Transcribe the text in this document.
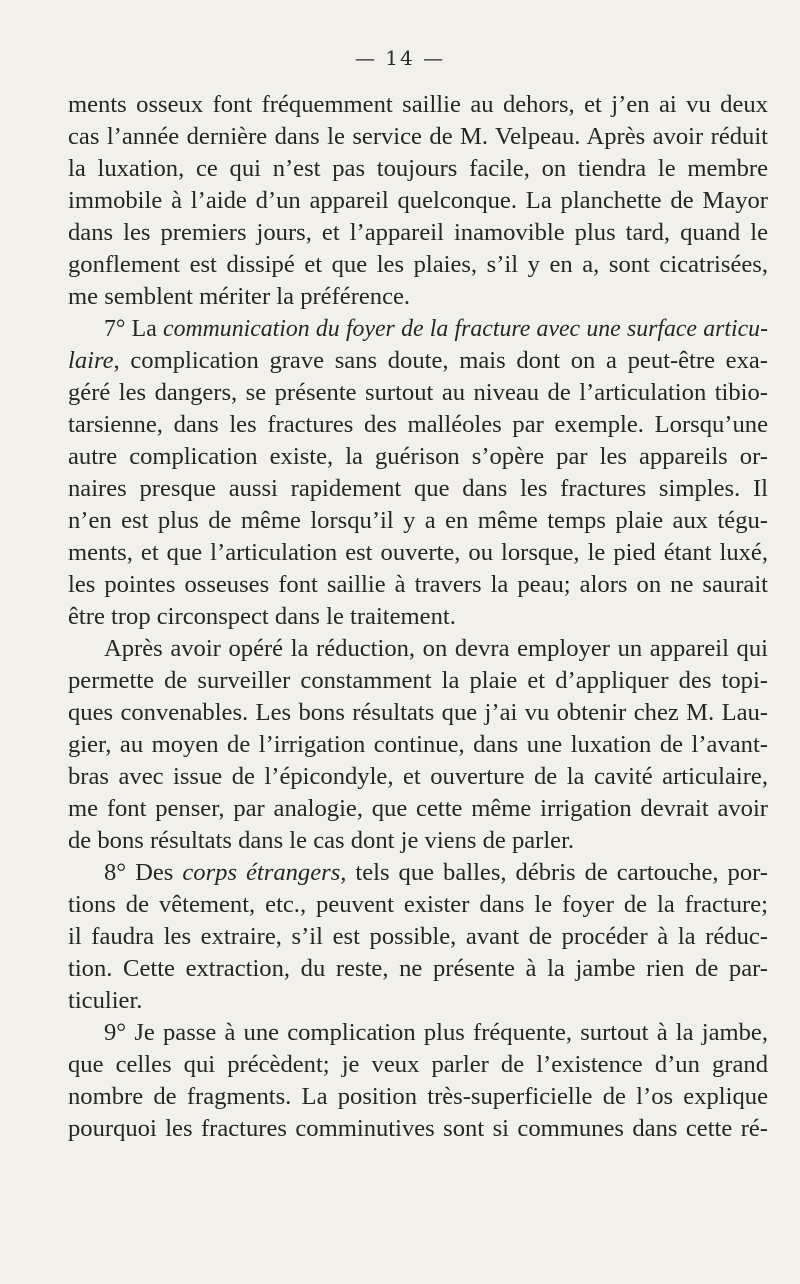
— 14 —
ments osseux font fréquemment saillie au dehors, et j’en ai vu deux
cas l’année dernière dans le service de M. Velpeau. Après avoir réduit
la luxation, ce qui n’est pas toujours facile, on tiendra le membre
immobile à l’aide d’un appareil quelconque. La planchette de Mayor
dans les premiers jours, et l’appareil inamovible plus tard, quand le
gonflement est dissipé et que les plaies, s’il y en a, sont cicatrisées,
me semblent mériter la préférence.
7° La communication du foyer de la fracture avec une surface articu-
laire, complication grave sans doute, mais dont on a peut-être exa-
géré les dangers, se présente surtout au niveau de l’articulation tibio-
tarsienne, dans les fractures des malléoles par exemple. Lorsqu’une
autre complication existe, la guérison s’opère par les appareils or-
naires presque aussi rapidement que dans les fractures simples. Il
n’en est plus de même lorsqu’il y a en même temps plaie aux tégu-
ments, et que l’articulation est ouverte, ou lorsque, le pied étant luxé,
les pointes osseuses font saillie à travers la peau; alors on ne saurait
être trop circonspect dans le traitement.
Après avoir opéré la réduction, on devra employer un appareil qui
permette de surveiller constamment la plaie et d’appliquer des topi-
ques convenables. Les bons résultats que j’ai vu obtenir chez M. Lau-
gier, au moyen de l’irrigation continue, dans une luxation de l’avant-
bras avec issue de l’épicondyle, et ouverture de la cavité articulaire,
me font penser, par analogie, que cette même irrigation devrait avoir
de bons résultats dans le cas dont je viens de parler.
8° Des corps étrangers, tels que balles, débris de cartouche, por-
tions de vêtement, etc., peuvent exister dans le foyer de la fracture;
il faudra les extraire, s’il est possible, avant de procéder à la réduc-
tion. Cette extraction, du reste, ne présente à la jambe rien de par-
ticulier.
9° Je passe à une complication plus fréquente, surtout à la jambe,
que celles qui précèdent; je veux parler de l’existence d’un grand
nombre de fragments. La position très-superficielle de l’os explique
pourquoi les fractures comminutives sont si communes dans cette ré-
